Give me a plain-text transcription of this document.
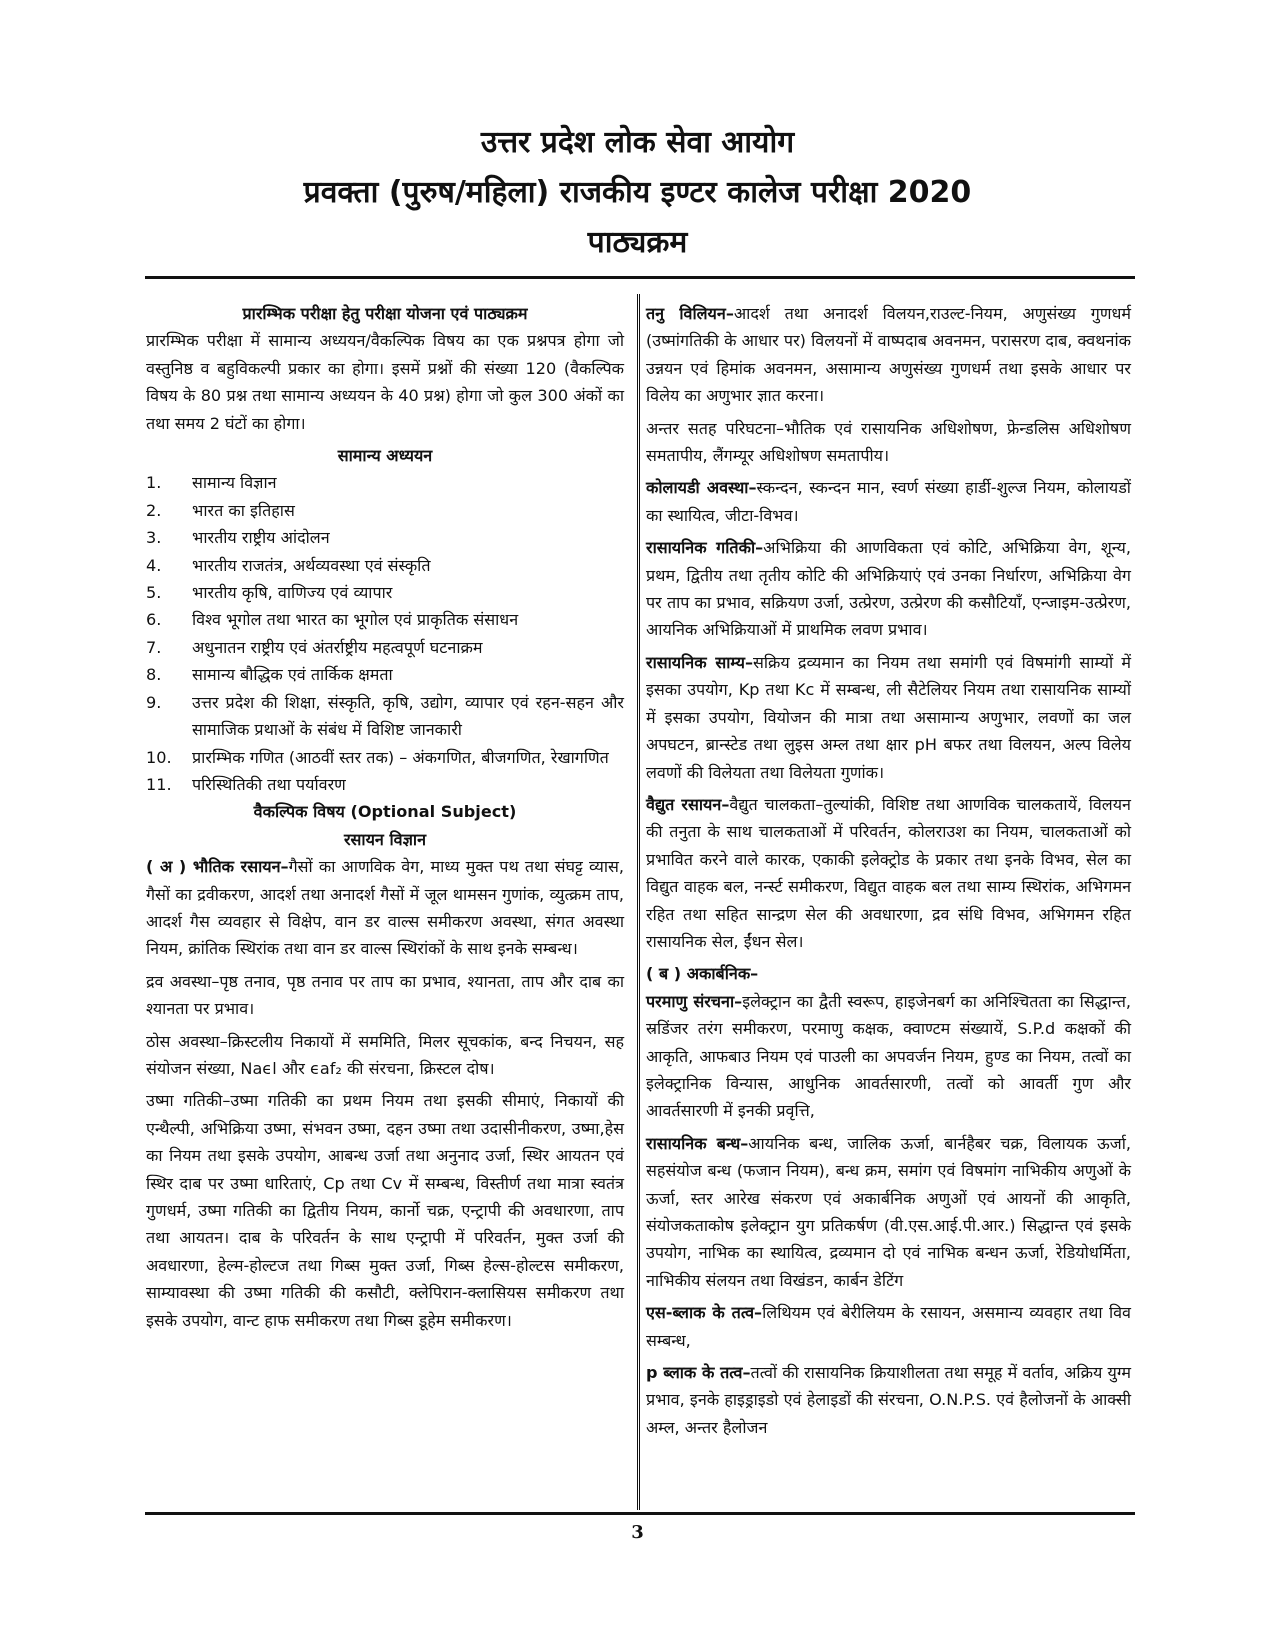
उत्तर प्रदेश लोक सेवा आयोग

प्रवक्ता (पुरुष/महिला) राजकीय इण्टर कालेज परीक्षा 2020

पाठ्यक्रम

प्रारम्भिक परीक्षा हेतु परीक्षा योजना एवं पाठ्यक्रम

प्रारम्भिक परीक्षा में सामान्य अध्ययन/वैकल्पिक विषय का एक प्रश्नपत्र होगा जो वस्तुनिष्ठ व बहुविकल्पी प्रकार का होगा। इसमें प्रश्नों की संख्या 120 (वैकल्पिक विषय के 80 प्रश्न तथा सामान्य अध्ययन के 40 प्रश्न) होगा जो कुल 300 अंकों का तथा समय 2 घंटों का होगा।

सामान्य अध्ययन

1.	सामान्य विज्ञान
2.	भारत का इतिहास
3.	भारतीय राष्ट्रीय आंदोलन
4.	भारतीय राजतंत्र, अर्थव्यवस्था एवं संस्कृति
5.	भारतीय कृषि, वाणिज्य एवं व्यापार
6.	विश्व भूगोल तथा भारत का भूगोल एवं प्राकृतिक संसाधन
7.	अधुनातन राष्ट्रीय एवं अंतर्राष्ट्रीय महत्वपूर्ण घटनाक्रम
8.	सामान्य बौद्धिक एवं तार्किक क्षमता
9.	उत्तर प्रदेश की शिक्षा, संस्कृति, कृषि, उद्योग, व्यापार एवं रहन-सहन और सामाजिक प्रथाओं के संबंध में विशिष्ट जानकारी
10.	प्रारम्भिक गणित (आठवीं स्तर तक) – अंकगणित, बीजगणित, रेखागणित
11.	परिस्थितिकी तथा पर्यावरण

वैकल्पिक विषय (Optional Subject)

रसायन विज्ञान

( अ ) भौतिक रसायन–गैसों का आणविक वेग, माध्य मुक्त पथ तथा संघट्ट व्यास, गैसों का द्रवीकरण, आदर्श तथा अनादर्श गैसों में जूल थामसन गुणांक, व्युत्क्रम ताप, आदर्श गैस व्यवहार से विक्षेप, वान डर वाल्स समीकरण अवस्था, संगत अवस्था नियम, क्रांतिक स्थिरांक तथा वान डर वाल्स स्थिरांकों के साथ इनके सम्बन्ध।

द्रव अवस्था–पृष्ठ तनाव, पृष्ठ तनाव पर ताप का प्रभाव, श्यानता, ताप और दाब का श्यानता पर प्रभाव।

ठोस अवस्था–क्रिस्टलीय निकायों में सममिति, मिलर सूचकांक, बन्द निचयन, सह संयोजन संख्या, Naϵl और ϵaf₂ की संरचना, क्रिस्टल दोष।

उष्मा गतिकी–उष्मा गतिकी का प्रथम नियम तथा इसकी सीमाएं, निकायों की एन्थैल्पी, अभिक्रिया उष्मा, संभवन उष्मा, दहन उष्मा तथा उदासीनीकरण, उष्मा,हेस का नियम तथा इसके उपयोग, आबन्ध उर्जा तथा अनुनाद उर्जा, स्थिर आयतन एवं स्थिर दाब पर उष्मा धारिताएं, Cp तथा Cv में सम्बन्ध, विस्तीर्ण तथा मात्रा स्वतंत्र गुणधर्म, उष्मा गतिकी का द्वितीय नियम, कार्नो चक्र, एन्ट्रापी की अवधारणा, ताप तथा आयतन। दाब के परिवर्तन के साथ एन्ट्रापी में परिवर्तन, मुक्त उर्जा की अवधारणा, हेल्म-होल्टज तथा गिब्स मुक्त उर्जा, गिब्स हेल्स-होल्टस समीकरण, साम्यावस्था की उष्मा गतिकी की कसौटी, क्लेपिरान-क्लासियस समीकरण तथा इसके उपयोग, वान्ट हाफ समीकरण तथा गिब्स डूहेम समीकरण।

तनु विलियन–आदर्श तथा अनादर्श विलयन,राउल्ट-नियम, अणुसंख्य गुणधर्म (उष्मांगतिकी के आधार पर) विलयनों में वाष्पदाब अवनमन, परासरण दाब, क्वथनांक उन्नयन एवं हिमांक अवनमन, असामान्य अणुसंख्य गुणधर्म तथा इसके आधार पर विलेय का अणुभार ज्ञात करना।

अन्तर सतह परिघटना–भौतिक एवं रासायनिक अधिशोषण, फ्रेन्डलिस अधिशोषण समतापीय, लैंगम्यूर अधिशोषण समतापीय।

कोलायडी अवस्था–स्कन्दन, स्कन्दन मान, स्वर्ण संख्या हार्डी-शुल्ज नियम, कोलायडों का स्थायित्व, जीटा-विभव।

रासायनिक गतिकी–अभिक्रिया की आणविकता एवं कोटि, अभिक्रिया वेग, शून्य, प्रथम, द्वितीय तथा तृतीय कोटि की अभिक्रियाएं एवं उनका निर्धारण, अभिक्रिया वेग पर ताप का प्रभाव, सक्रियण उर्जा, उत्प्रेरण, उत्प्रेरण की कसौटियाँ, एन्जाइम-उत्प्रेरण, आयनिक अभिक्रियाओं में प्राथमिक लवण प्रभाव।

रासायनिक साम्य–सक्रिय द्रव्यमान का नियम तथा समांगी एवं विषमांगी साम्यों में इसका उपयोग, Kp तथा Kc में सम्बन्ध, ली सैटेलियर नियम तथा रासायनिक साम्यों में इसका उपयोग, वियोजन की मात्रा तथा असामान्य अणुभार, लवणों का जल अपघटन, ब्रान्स्टेड तथा लुइस अम्ल तथा क्षार pH बफर तथा विलयन, अल्प विलेय लवणों की विलेयता तथा विलेयता गुणांक।

वैद्युत रसायन–वैद्युत चालकता–तुल्यांकी, विशिष्ट तथा आणविक चालकतायें, विलयन की तनुता के साथ चालकताओं में परिवर्तन, कोलराउश का नियम, चालकताओं को प्रभावित करने वाले कारक, एकाकी इलेक्ट्रोड के प्रकार तथा इनके विभव, सेल का विद्युत वाहक बल, नर्न्स्ट समीकरण, विद्युत वाहक बल तथा साम्य स्थिरांक, अभिगमन रहित तथा सहित सान्द्रण सेल की अवधारणा, द्रव संधि विभव, अभिगमन रहित रासायनिक सेल, ईंधन सेल।

( ब ) अकार्बनिक–

परमाणु संरचना–इलेक्ट्रान का द्वैती स्वरूप, हाइजेनबर्ग का अनिश्चितता का सिद्धान्त, स्रडिंजर तरंग समीकरण, परमाणु कक्षक, क्वाण्टम संख्यायें, S.P.d कक्षकों की आकृति, आफबाउ नियम एवं पाउली का अपवर्जन नियम, हुण्ड का नियम, तत्वों का इलेक्ट्रानिक विन्यास, आधुनिक आवर्तसारणी, तत्वों को आवर्ती गुण और आवर्तसारणी में इनकी प्रवृत्ति,

रासायनिक बन्ध–आयनिक बन्ध, जालिक ऊर्जा, बार्नहैबर चक्र, विलायक ऊर्जा, सहसंयोज बन्ध (फजान नियम), बन्ध क्रम, समांग एवं विषमांग नाभिकीय अणुओं के ऊर्जा, स्तर आरेख संकरण एवं अकार्बनिक अणुओं एवं आयनों की आकृति, संयोजकताकोष इलेक्ट्रान युग प्रतिकर्षण (वी.एस.आई.पी.आर.) सिद्धान्त एवं इसके उपयोग, नाभिक का स्थायित्व, द्रव्यमान दो एवं नाभिक बन्धन ऊर्जा, रेडियोधर्मिता, नाभिकीय संलयन तथा विखंडन, कार्बन डेटिंग

एस-ब्लाक के तत्व–लिथियम एवं बेरीलियम के रसायन, असमान्य व्यवहार तथा विव सम्बन्ध,

p ब्लाक के तत्व–तत्वों की रासायनिक क्रियाशीलता तथा समूह में वर्ताव, अक्रिय युग्म प्रभाव, इनके हाइड्राइडो एवं हेलाइडों की संरचना, O.N.P.S. एवं हैलोजनों के आक्सी अम्ल, अन्तर हैलोजन

3
